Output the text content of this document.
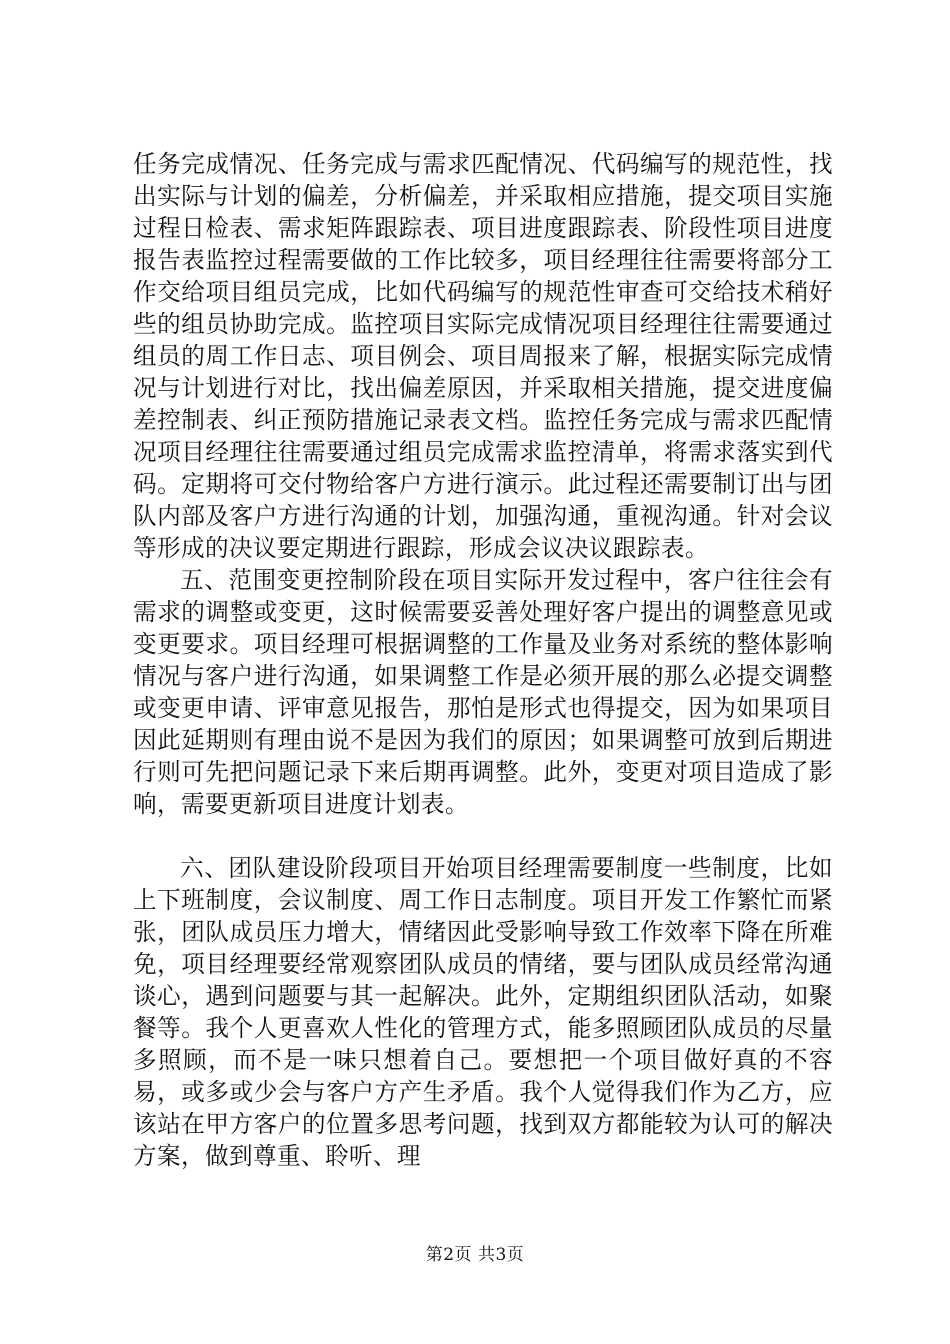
任务完成情况、任务完成与需求匹配情况、代码编写的规范性，找出实际与计划的偏差，分析偏差，并采取相应措施，提交项目实施过程日检表、需求矩阵跟踪表、项目进度跟踪表、阶段性项目进度报告表监控过程需要做的工作比较多，项目经理往往需要将部分工作交给项目组员完成，比如代码编写的规范性审查可交给技术稍好些的组员协助完成。监控项目实际完成情况项目经理往往需要通过组员的周工作日志、项目例会、项目周报来了解，根据实际完成情况与计划进行对比，找出偏差原因，并采取相关措施，提交进度偏差控制表、纠正预防措施记录表文档。监控任务完成与需求匹配情况项目经理往往需要通过组员完成需求监控清单，将需求落实到代码。定期将可交付物给客户方进行演示。此过程还需要制订出与团队内部及客户方进行沟通的计划，加强沟通，重视沟通。针对会议等形成的决议要定期进行跟踪，形成会议决议跟踪表。

五、范围变更控制阶段在项目实际开发过程中，客户往往会有需求的调整或变更，这时候需要妥善处理好客户提出的调整意见或变更要求。项目经理可根据调整的工作量及业务对系统的整体影响情况与客户进行沟通，如果调整工作是必须开展的那么必提交调整或变更申请、评审意见报告，那怕是形式也得提交，因为如果项目因此延期则有理由说不是因为我们的原因；如果调整可放到后期进行则可先把问题记录下来后期再调整。此外，变更对项目造成了影响，需要更新项目进度计划表。

六、团队建设阶段项目开始项目经理需要制度一些制度，比如上下班制度，会议制度、周工作日志制度。项目开发工作繁忙而紧张，团队成员压力增大，情绪因此受影响导致工作效率下降在所难免，项目经理要经常观察团队成员的情绪，要与团队成员经常沟通谈心，遇到问题要与其一起解决。此外，定期组织团队活动，如聚餐等。我个人更喜欢人性化的管理方式，能多照顾团队成员的尽量多照顾，而不是一味只想着自己。要想把一个项目做好真的不容易，或多或少会与客户方产生矛盾。我个人觉得我们作为乙方，应该站在甲方客户的位置多思考问题，找到双方都能较为认可的解决方案，做到尊重、聆听、理

第2页 共3页
